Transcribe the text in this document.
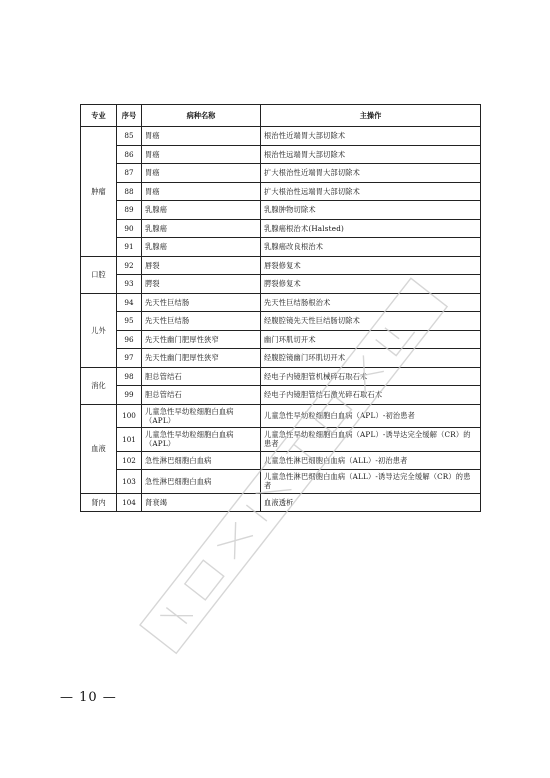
专业	序号	病种名称	主操作
肿瘤	85	胃癌	根治性近端胃大部切除术
	86	胃癌	根治性远端胃大部切除术
	87	胃癌	扩大根治性近端胃大部切除术
	88	胃癌	扩大根治性远端胃大部切除术
	89	乳腺癌	乳腺肿物切除术
	90	乳腺癌	乳腺癌根治术(Halsted)
	91	乳腺癌	乳腺癌改良根治术
口腔	92	唇裂	唇裂修复术
	93	腭裂	腭裂修复术
儿外	94	先天性巨结肠	先天性巨结肠根治术
	95	先天性巨结肠	经腹腔镜先天性巨结肠切除术
	96	先天性幽门肥厚性狭窄	幽门环肌切开术
	97	先天性幽门肥厚性狭窄	经腹腔镜幽门环肌切开术
消化	98	胆总管结石	经电子内镜胆管机械碎石取石术
	99	胆总管结石	经电子内镜胆管结石激光碎石取石术
血液	100	儿童急性早幼粒细胞白血病（APL）	儿童急性早幼粒细胞白血病（APL）-初治患者
	101	儿童急性早幼粒细胞白血病（APL）	儿童急性早幼粒细胞白血病（APL）-诱导达完全缓解（CR）的患者
	102	急性淋巴细胞白血病	儿童急性淋巴细胞白血病（ALL）-初治患者
	103	急性淋巴细胞白血病	儿童急性淋巴细胞白血病（ALL）-诱导达完全缓解（CR）的患者
肾内	104	肾衰竭	血液透析
— 10 —
